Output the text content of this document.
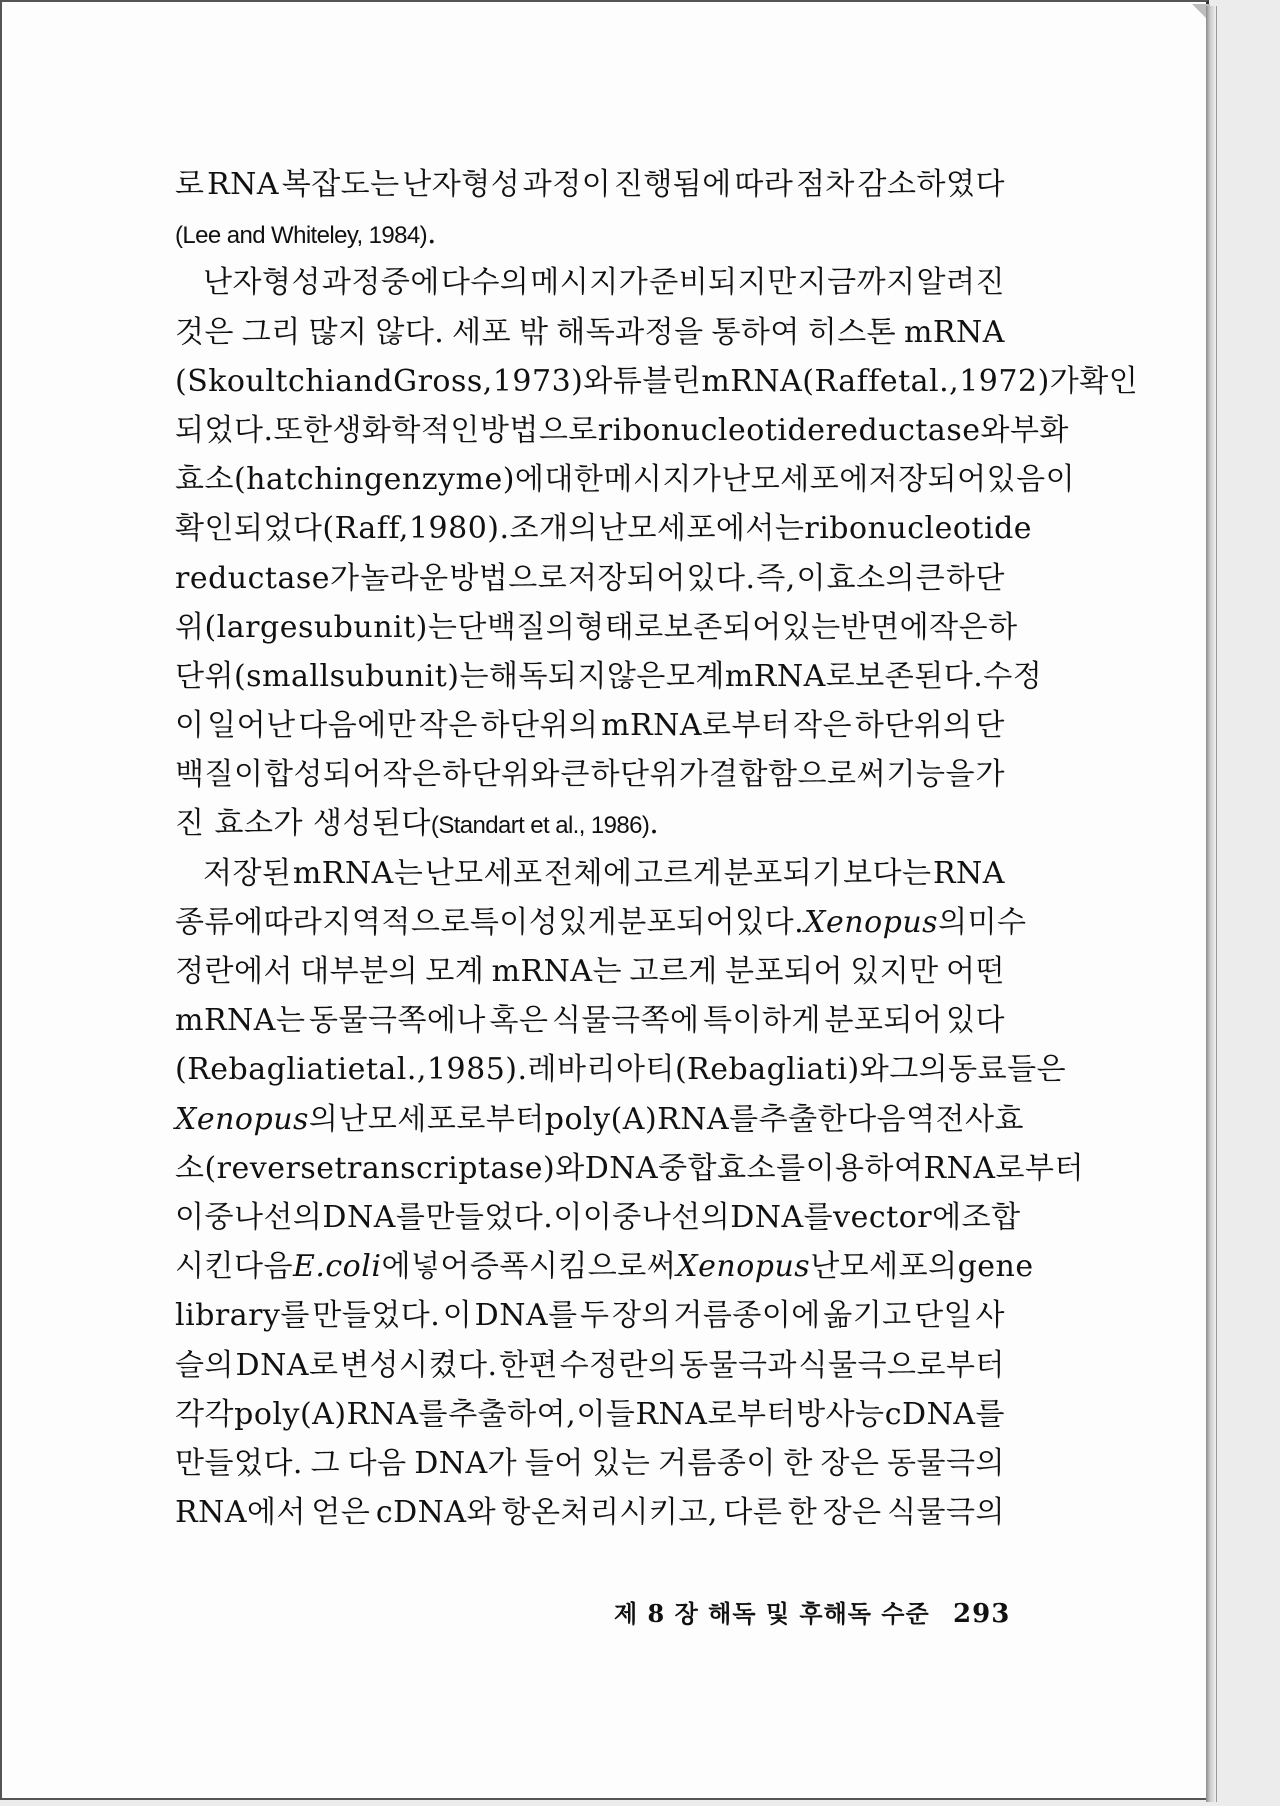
로 RNA 복잡도는 난자형성 과정이 진행됨에 따라 점차 감소하였다
(Lee and Whiteley, 1984).
난자형성 과정중에 다수의 메시지가 준비되지만 지금까지 알려진
것은 그리 많지 않다. 세포 밖 해독과정을 통하여 히스톤 mRNA
(Skoultchi and Gross, 1973)와 튜블린 mRNA(Raff et al., 1972)가 확인
되었다. 또한 생화학적인 방법으로 ribonucleotide reductase와 부화
효소(hatching enzyme)에 대한 메시지가 난모세포에 저장되어 있음이
확인되었다(Raff, 1980). 조개의 난모세포에서는 ribonucleotide
reductase가 놀라운 방법으로 저장되어 있다. 즉, 이 효소의 큰 하단
위(large subunit)는 단백질의 형태로 보존되어 있는 반면에 작은 하
단위(small subunit)는 해독되지 않은 모계 mRNA로 보존된다. 수정
이 일어난 다음에만 작은 하단위의 mRNA로부터 작은 하단위의 단
백질이 합성되어 작은 하단위와 큰 하단위가 결합함으로써 기능을 가
진 효소가 생성된다(Standart et al., 1986).
저장된 mRNA는 난모세포 전체에 고르게 분포되기 보다는 RNA
종류에 따라 지역적으로 특이성있게 분포되어 있다. Xenopus의 미수
정란에서 대부분의 모계 mRNA는 고르게 분포되어 있지만 어떤
mRNA는 동물극쪽에나 혹은 식물극쪽에 특이하게 분포되어 있다
(Rebagliati et al., 1985). 레바리아티(Rebagliati)와 그의 동료들은
Xenopus의 난모세포로부터 poly(A)RNA를 추출한 다음 역전사 효
소(reverse transcriptase)와 DNA 중합효소를 이용하여 RNA로부터
이중나선의 DNA를 만들었다. 이 이중나선의 DNA를 vector에 조합
시킨 다음 E. coli에 넣어 증폭시킴으로써 Xenopus 난모세포의 gene
library를 만들었다. 이 DNA를 두 장의 거름종이에 옮기고 단일 사
슬의 DNA로 변성시켰다. 한편 수정란의 동물극과 식물극으로부터
각각 poly(A)RNA를 추출하여, 이들 RNA로부터 방사능 cDNA를
만들었다. 그 다음 DNA가 들어 있는 거름종이 한 장은 동물극의
RNA에서 얻은 cDNA와 항온처리시키고, 다른 한 장은 식물극의
제 8 장 해독 및 후해독 수준 293
